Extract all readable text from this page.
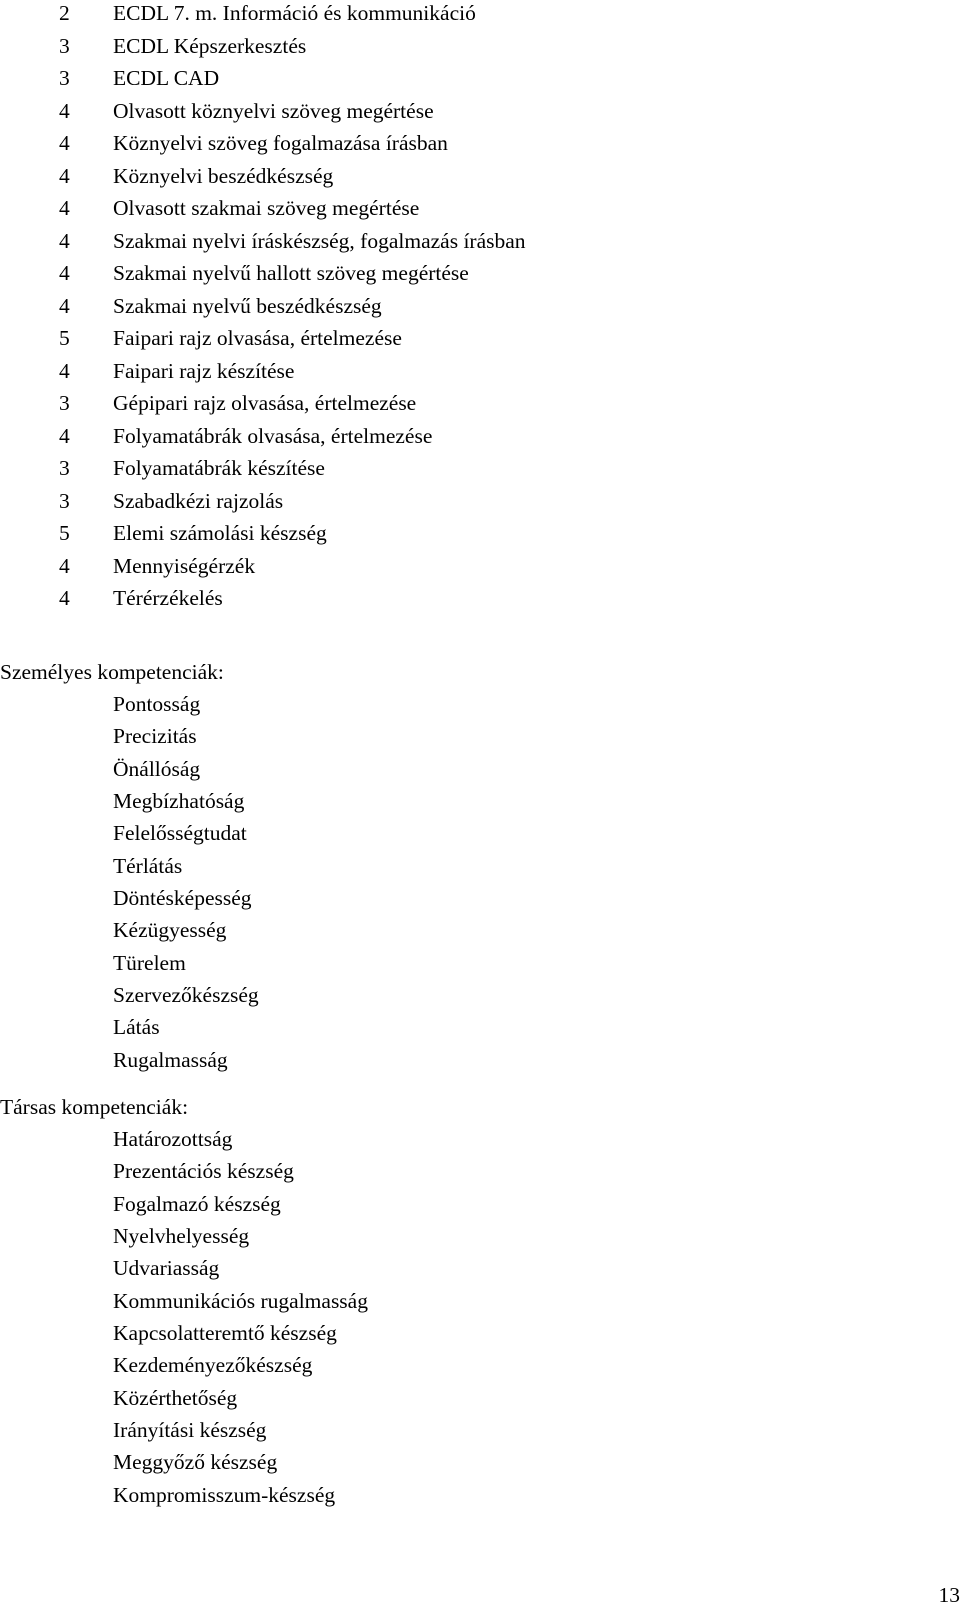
2	ECDL 7. m. Információ és kommunikáció
3	ECDL Képszerkesztés
3	ECDL CAD
4	Olvasott köznyelvi szöveg megértése
4	Köznyelvi szöveg fogalmazása írásban
4	Köznyelvi beszédkészség
4	Olvasott szakmai szöveg megértése
4	Szakmai nyelvi íráskészség, fogalmazás írásban
4	Szakmai nyelvű hallott szöveg megértése
4	Szakmai nyelvű beszédkészség
5	Faipari rajz olvasása, értelmezése
4	Faipari rajz készítése
3	Gépipari rajz olvasása, értelmezése
4	Folyamatábrák olvasása, értelmezése
3	Folyamatábrák készítése
3	Szabadkézi rajzolás
5	Elemi számolási készség
4	Mennyiségérzék
4	Térérzékelés
Személyes kompetenciák:
Pontosság
Precizitás
Önállóság
Megbízhatóság
Felelősségtudat
Térlátás
Döntésképesség
Kézügyesség
Türelem
Szervezőkészség
Látás
Rugalmasság
Társas kompetenciák:
Határozottság
Prezentációs készség
Fogalmazó készség
Nyelvhelyesség
Udvariasság
Kommunikációs rugalmasság
Kapcsolatteremtő készség
Kezdeményezőkészség
Közérthetőség
Irányítási készség
Meggyőző készség
Kompromisszum-készség
13
